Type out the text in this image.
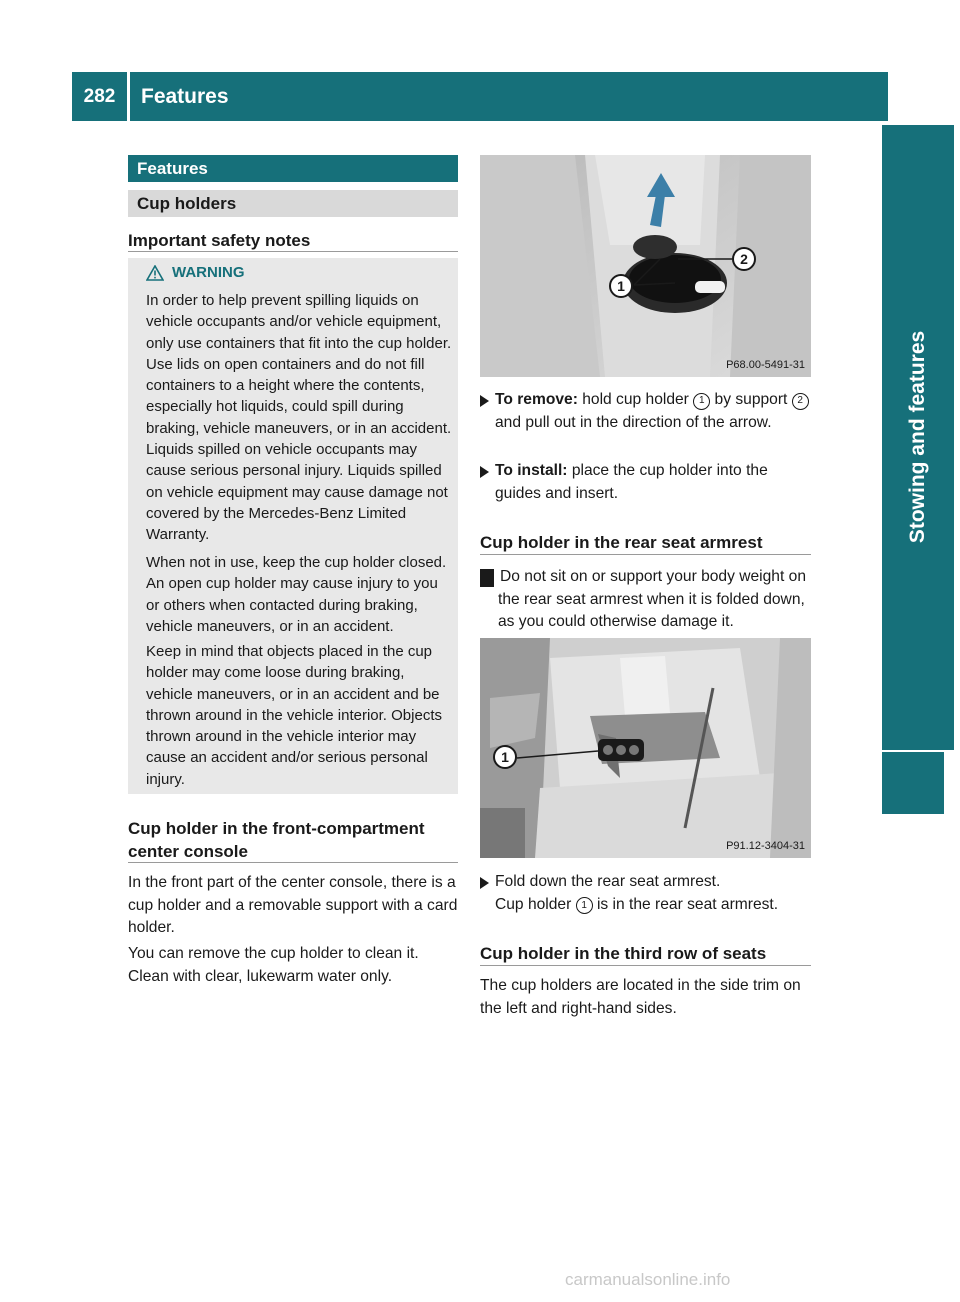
282	Features
Stowing and features
Features
Cup holders
Important safety notes
WARNING
In order to help prevent spilling liquids on vehicle occupants and/or vehicle equipment, only use containers that fit into the cup holder. Use lids on open containers and do not fill containers to a height where the contents, especially hot liquids, could spill during braking, vehicle maneuvers, or in an accident. Liquids spilled on vehicle occupants may cause serious personal injury. Liquids spilled on vehicle equipment may cause damage not covered by the Mercedes-Benz Limited Warranty.
When not in use, keep the cup holder closed. An open cup holder may cause injury to you or others when contacted during braking, vehicle maneuvers, or in an accident.
Keep in mind that objects placed in the cup holder may come loose during braking, vehicle maneuvers, or in an accident and be thrown around in the vehicle interior. Objects thrown around in the vehicle interior may cause an accident and/or serious personal injury.
Cup holder in the front-compartment center console
In the front part of the center console, there is a cup holder and a removable support with a card holder.
You can remove the cup holder to clean it. Clean with clear, lukewarm water only.
1
2
P68.00-5491-31
To remove: hold cup holder 1 by support 2 and pull out in the direction of the arrow.
To install: place the cup holder into the guides and insert.
Cup holder in the rear seat armrest
! Do not sit on or support your body weight on the rear seat armrest when it is folded down, as you could otherwise damage it.
1
P91.12-3404-31
Fold down the rear seat armrest.
Cup holder 1 is in the rear seat armrest.
Cup holder in the third row of seats
The cup holders are located in the side trim on the left and right-hand sides.
carmanualsonline.info
